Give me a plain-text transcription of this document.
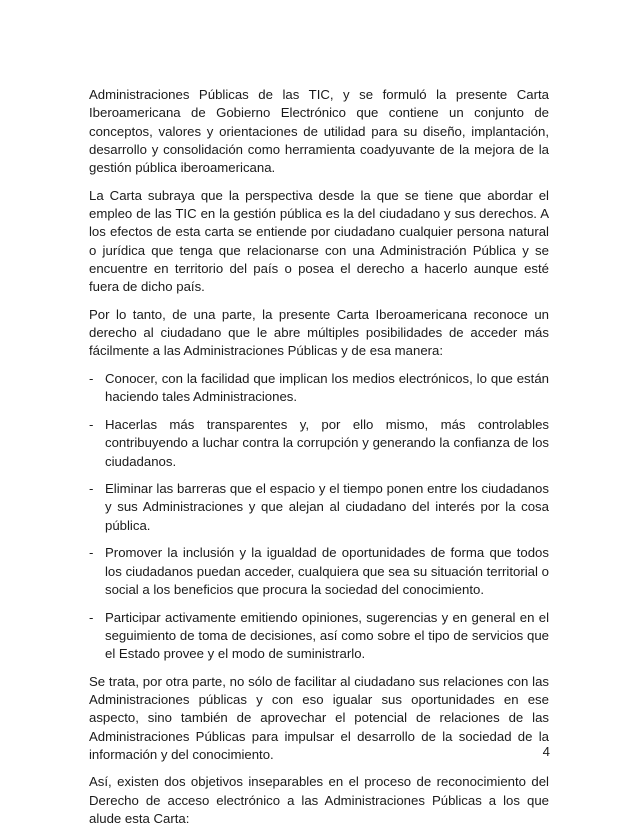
Administraciones Públicas de las TIC, y se formuló la presente Carta Iberoamericana de Gobierno Electrónico que contiene un conjunto de conceptos, valores y orientaciones de utilidad para su diseño, implantación, desarrollo y consolidación como herramienta coadyuvante de la mejora de la gestión pública iberoamericana.

La Carta subraya que la perspectiva desde la que se tiene que abordar el empleo de las TIC en la gestión pública es la del ciudadano y sus derechos. A los efectos de esta carta se entiende por ciudadano cualquier persona natural o jurídica que tenga que relacionarse con una Administración Pública y se encuentre en territorio del país o posea el derecho a hacerlo aunque esté fuera de dicho país.

Por lo tanto, de una parte, la presente Carta Iberoamericana reconoce un derecho al ciudadano que le abre múltiples posibilidades de acceder más fácilmente a las Administraciones Públicas y de esa manera:

- Conocer, con la facilidad que implican los medios electrónicos, lo que están haciendo tales Administraciones.
- Hacerlas más transparentes y, por ello mismo, más controlables contribuyendo a luchar contra la corrupción y generando la confianza de los ciudadanos.
- Eliminar las barreras que el espacio y el tiempo ponen entre los ciudadanos y sus Administraciones y que alejan al ciudadano del interés por la cosa pública.
- Promover la inclusión y la igualdad de oportunidades de forma que todos los ciudadanos puedan acceder, cualquiera que sea su situación territorial o social a los beneficios que procura la sociedad del conocimiento.
- Participar activamente emitiendo opiniones, sugerencias y en general en el seguimiento de toma de decisiones, así como sobre el tipo de servicios que el Estado provee y el modo de suministrarlo.

Se trata, por otra parte, no sólo de facilitar al ciudadano sus relaciones con las Administraciones públicas y con eso igualar sus oportunidades en ese aspecto, sino también de aprovechar el potencial de relaciones de las Administraciones Públicas para impulsar el desarrollo de la sociedad de la información y del conocimiento.

Así, existen dos objetivos inseparables en el proceso de reconocimiento del Derecho de acceso electrónico a las Administraciones Públicas a los que alude esta Carta:

4
